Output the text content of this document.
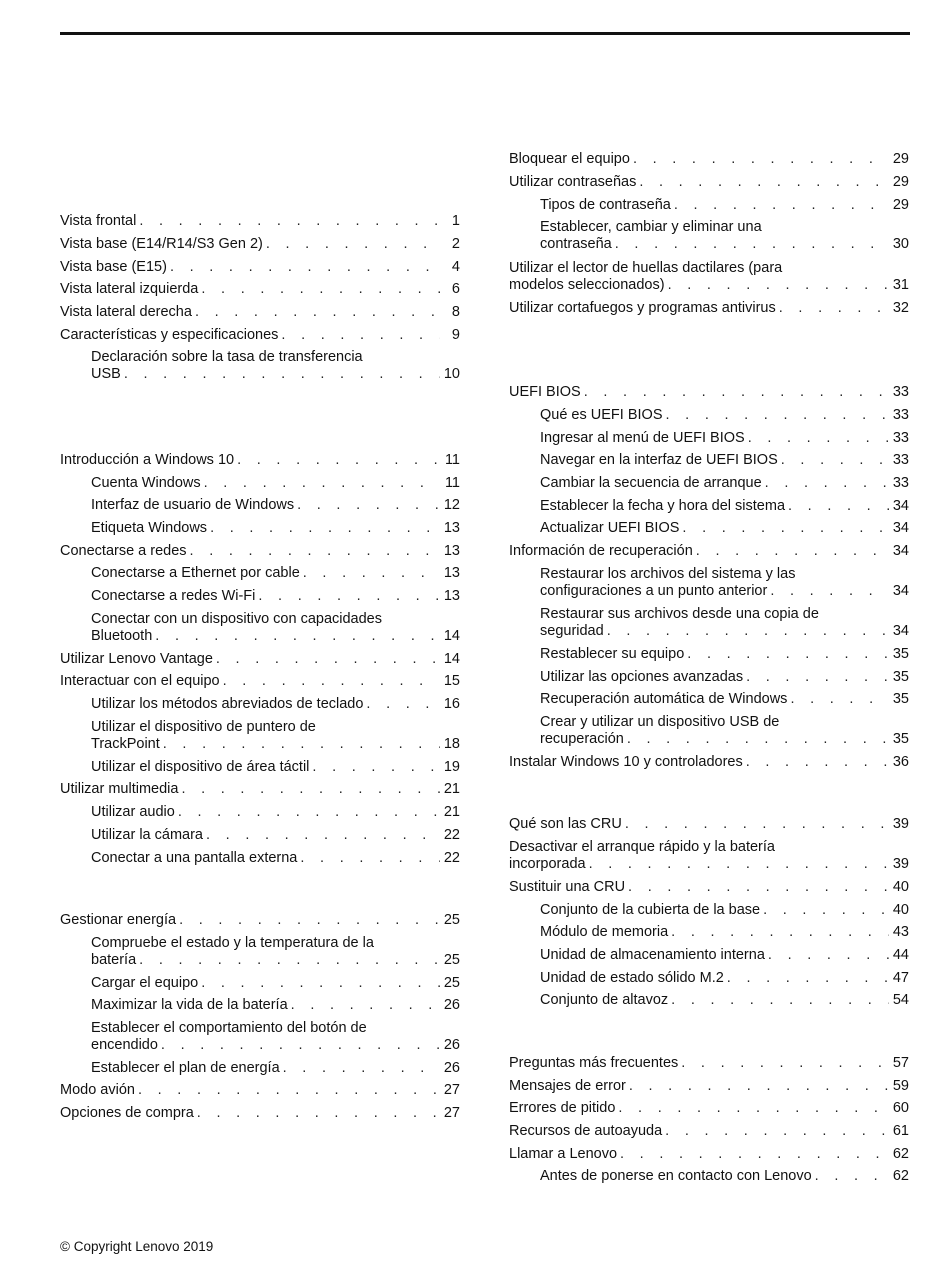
Vista frontal . . .	1
Vista base (E14/R14/S3 Gen 2) . . .	2
Vista base (E15) . . .	4
Vista lateral izquierda . . .	6
Vista lateral derecha . . .	8
Características y especificaciones . . .	9
Declaración sobre la tasa de transferencia
USB . . .	10
Introducción a Windows 10 . . .	11
Cuenta Windows . . .	11
Interfaz de usuario de Windows . . .	12
Etiqueta Windows . . .	13
Conectarse a redes . . .	13
Conectarse a Ethernet por cable . . .	13
Conectarse a redes Wi-Fi . . .	13
Conectar con un dispositivo con capacidades
Bluetooth . . .	14
Utilizar Lenovo Vantage . . .	14
Interactuar con el equipo . . .	15
Utilizar los métodos abreviados de teclado . . .	16
Utilizar el dispositivo de puntero de
TrackPoint . . .	18
Utilizar el dispositivo de área táctil . . .	19
Utilizar multimedia . . .	21
Utilizar audio . . .	21
Utilizar la cámara . . .	22
Conectar a una pantalla externa . . .	22
Gestionar energía . . .	25
Compruebe el estado y la temperatura de la
batería . . .	25
Cargar el equipo . . .	25
Maximizar la vida de la batería . . .	26
Establecer el comportamiento del botón de
encendido . . .	26
Establecer el plan de energía . . .	26
Modo avión . . .	27
Opciones de compra . . .	27
Bloquear el equipo . . .	29
Utilizar contraseñas . . .	29
Tipos de contraseña . . .	29
Establecer, cambiar y eliminar una
contraseña . . .	30
Utilizar el lector de huellas dactilares (para
modelos seleccionados) . . .	31
Utilizar cortafuegos y programas antivirus . . .	32
UEFI BIOS . . .	33
Qué es UEFI BIOS . . .	33
Ingresar al menú de UEFI BIOS . . .	33
Navegar en la interfaz de UEFI BIOS . . .	33
Cambiar la secuencia de arranque . . .	33
Establecer la fecha y hora del sistema . . .	34
Actualizar UEFI BIOS . . .	34
Información de recuperación . . .	34
Restaurar los archivos del sistema y las
configuraciones a un punto anterior . . .	34
Restaurar sus archivos desde una copia de
seguridad . . .	34
Restablecer su equipo . . .	35
Utilizar las opciones avanzadas . . .	35
Recuperación automática de Windows . . .	35
Crear y utilizar un dispositivo USB de
recuperación . . .	35
Instalar Windows 10 y controladores . . .	36
Qué son las CRU . . .	39
Desactivar el arranque rápido y la batería
incorporada . . .	39
Sustituir una CRU . . .	40
Conjunto de la cubierta de la base . . .	40
Módulo de memoria . . .	43
Unidad de almacenamiento interna . . .	44
Unidad de estado sólido M.2 . . .	47
Conjunto de altavoz . . .	54
Preguntas más frecuentes . . .	57
Mensajes de error . . .	59
Errores de pitido . . .	60
Recursos de autoayuda . . .	61
Llamar a Lenovo . . .	62
Antes de ponerse en contacto con Lenovo . . .	62
© Copyright Lenovo 2019
